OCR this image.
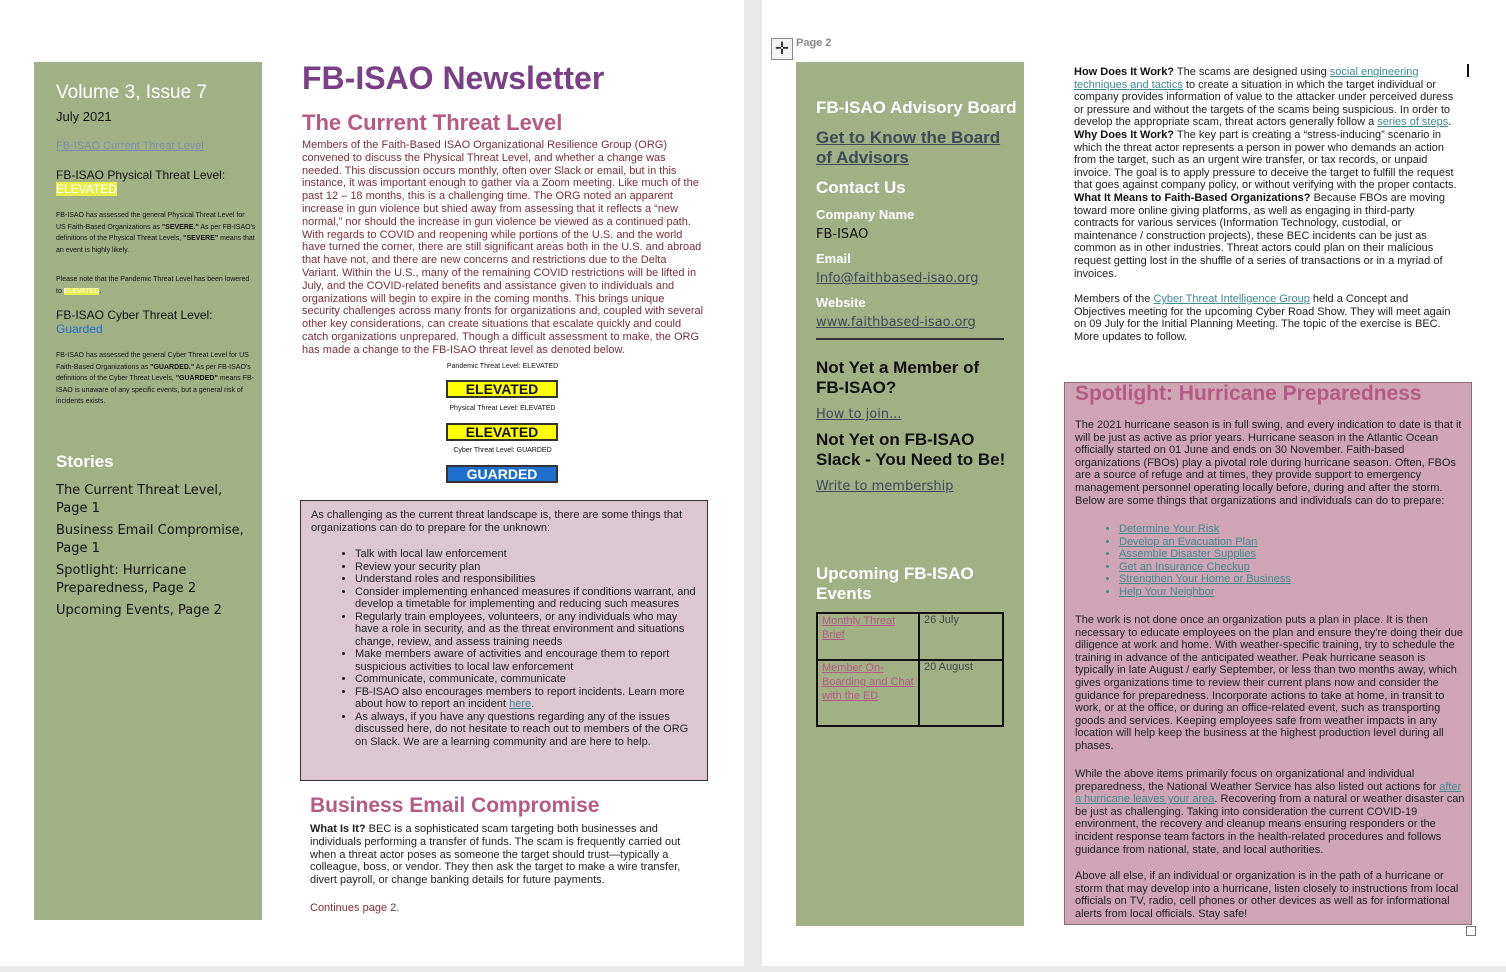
Volume 3, Issue 7
July 2021
FB-ISAO Current Threat Level
FB-ISAO Physical Threat Level:
ELEVATED
FB-ISAO has assessed the general Physical Threat Level for US Faith-Based Organizations as "SEVERE." As per FB-ISAO's definitions of the Physical Threat Levels, "SEVERE" means that an event is highly likely.
Please note that the Pandemic Threat Level has been lowered to ELEVATED.
FB-ISAO Cyber Threat Level:
Guarded
FB-ISAO has assessed the general Cyber Threat Level for US Faith-Based Organizations as "GUARDED." As per FB-ISAO's definitions of the Cyber Threat Levels, "GUARDED" means FB-ISAO is unaware of any specific events, but a general risk of incidents exists.
Stories
The Current Threat Level, Page 1
Business Email Compromise, Page 1
Spotlight: Hurricane Preparedness, Page 2
Upcoming Events, Page 2
FB-ISAO Newsletter
The Current Threat Level
Members of the Faith-Based ISAO Organizational Resilience Group (ORG) convened to discuss the Physical Threat Level, and whether a change was needed. This discussion occurs monthly, often over Slack or email, but in this instance, it was important enough to gather via a Zoom meeting. Like much of the past 12 – 18 months, this is a challenging time. The ORG noted an apparent increase in gun violence but shied away from assessing that it reflects a “new normal,” nor should the increase in gun violence be viewed as a continued path. With regards to COVID and reopening while portions of the U.S. and the world have turned the corner, there are still significant areas both in the U.S. and abroad that have not, and there are new concerns and restrictions due to the Delta Variant. Within the U.S., many of the remaining COVID restrictions will be lifted in July, and the COVID-related benefits and assistance given to individuals and organizations will begin to expire in the coming months. This brings unique security challenges across many fronts for organizations and, coupled with several other key considerations, can create situations that escalate quickly and could catch organizations unprepared. Though a difficult assessment to make, the ORG has made a change to the FB-ISAO threat level as denoted below.
Pandemic Threat Level: ELEVATED
ELEVATED
Physical Threat Level: ELEVATED
ELEVATED
Cyber Threat Level: GUARDED
GUARDED

As challenging as the current threat landscape is, there are some things that organizations can do to prepare for the unknown:

• Talk with local law enforcement
• Review your security plan
• Understand roles and responsibilities
• Consider implementing enhanced measures if conditions warrant, and develop a timetable for implementing and reducing such measures
• Regularly train employees, volunteers, or any individuals who may have a role in security, and as the threat environment and situations change, review, and assess training needs
• Make members aware of activities and encourage them to report suspicious activities to local law enforcement
• Communicate, communicate, communicate
• FB-ISAO also encourages members to report incidents. Learn more about how to report an incident here.
• As always, if you have any questions regarding any of the issues discussed here, do not hesitate to reach out to members of the ORG on Slack. We are a learning community and are here to help.
Business Email Compromise
What Is It? BEC is a sophisticated scam targeting both businesses and individuals performing a transfer of funds. The scam is frequently carried out when a threat actor poses as someone the target should trust—typically a colleague, boss, or vendor. They then ask the target to make a wire transfer, divert payroll, or change banking details for future payments.
Continues page 2.
✛ Page 2
FB-ISAO Advisory Board
Get to Know the Board of Advisors
Contact Us
Company Name
FB-ISAO
Email
Info@faithbased-isao.org
Website
www.faithbased-isao.org
Not Yet a Member of FB-ISAO?
How to join...
Not Yet on FB-ISAO Slack - You Need to Be!
Write to membership
Upcoming FB-ISAO Events
Monthly Threat Brief	26 July
Member On-Boarding and Chat with the ED	20 August
How Does It Work? The scams are designed using social engineering techniques and tactics to create a situation in which the target individual or company provides information of value to the attacker under perceived duress or pressure and without the targets of the scams being suspicious. In order to develop the appropriate scam, threat actors generally follow a series of steps.
Why Does It Work? The key part is creating a “stress-inducing” scenario in which the threat actor represents a person in power who demands an action from the target, such as an urgent wire transfer, or tax records, or unpaid invoice. The goal is to apply pressure to deceive the target to fulfill the request that goes against company policy, or without verifying with the proper contacts.
What It Means to Faith-Based Organizations? Because FBOs are moving toward more online giving platforms, as well as engaging in third-party contracts for various services (Information Technology, custodial, or maintenance / construction projects), these BEC incidents can be just as common as in other industries. Threat actors could plan on their malicious request getting lost in the shuffle of a series of transactions or in a myriad of invoices.
Members of the Cyber Threat Intelligence Group held a Concept and Objectives meeting for the upcoming Cyber Road Show. They will meet again on 09 July for the Initial Planning Meeting. The topic of the exercise is BEC. More updates to follow.
Spotlight: Hurricane Preparedness
The 2021 hurricane season is in full swing, and every indication to date is that it will be just as active as prior years. Hurricane season in the Atlantic Ocean officially started on 01 June and ends on 30 November. Faith-based organizations (FBOs) play a pivotal role during hurricane season. Often, FBOs are a source of refuge and at times, they provide support to emergency management personnel operating locally before, during and after the storm. Below are some things that organizations and individuals can do to prepare:
• Determine Your Risk
• Develop an Evacuation Plan
• Assemble Disaster Supplies
• Get an Insurance Checkup
• Strengthen Your Home or Business
• Help Your Neighbor
The work is not done once an organization puts a plan in place. It is then necessary to educate employees on the plan and ensure they're doing their due diligence at work and home. With weather-specific training, try to schedule the training in advance of the anticipated weather. Peak hurricane season is typically in late August / early September, or less than two months away, which gives organizations time to review their current plans now and consider the guidance for preparedness. Incorporate actions to take at home, in transit to work, or at the office, or during an office-related event, such as transporting goods and services. Keeping employees safe from weather impacts in any location will help keep the business at the highest production level during all phases.
While the above items primarily focus on organizational and individual preparedness, the National Weather Service has also listed out actions for after a hurricane leaves your area. Recovering from a natural or weather disaster can be just as challenging. Taking into consideration the current COVID-19 environment, the recovery and cleanup means ensuring responders or the incident response team factors in the health-related procedures and follows guidance from national, state, and local authorities.
Above all else, if an individual or organization is in the path of a hurricane or storm that may develop into a hurricane, listen closely to instructions from local officials on TV, radio, cell phones or other devices as well as for informational alerts from local officials. Stay safe!
